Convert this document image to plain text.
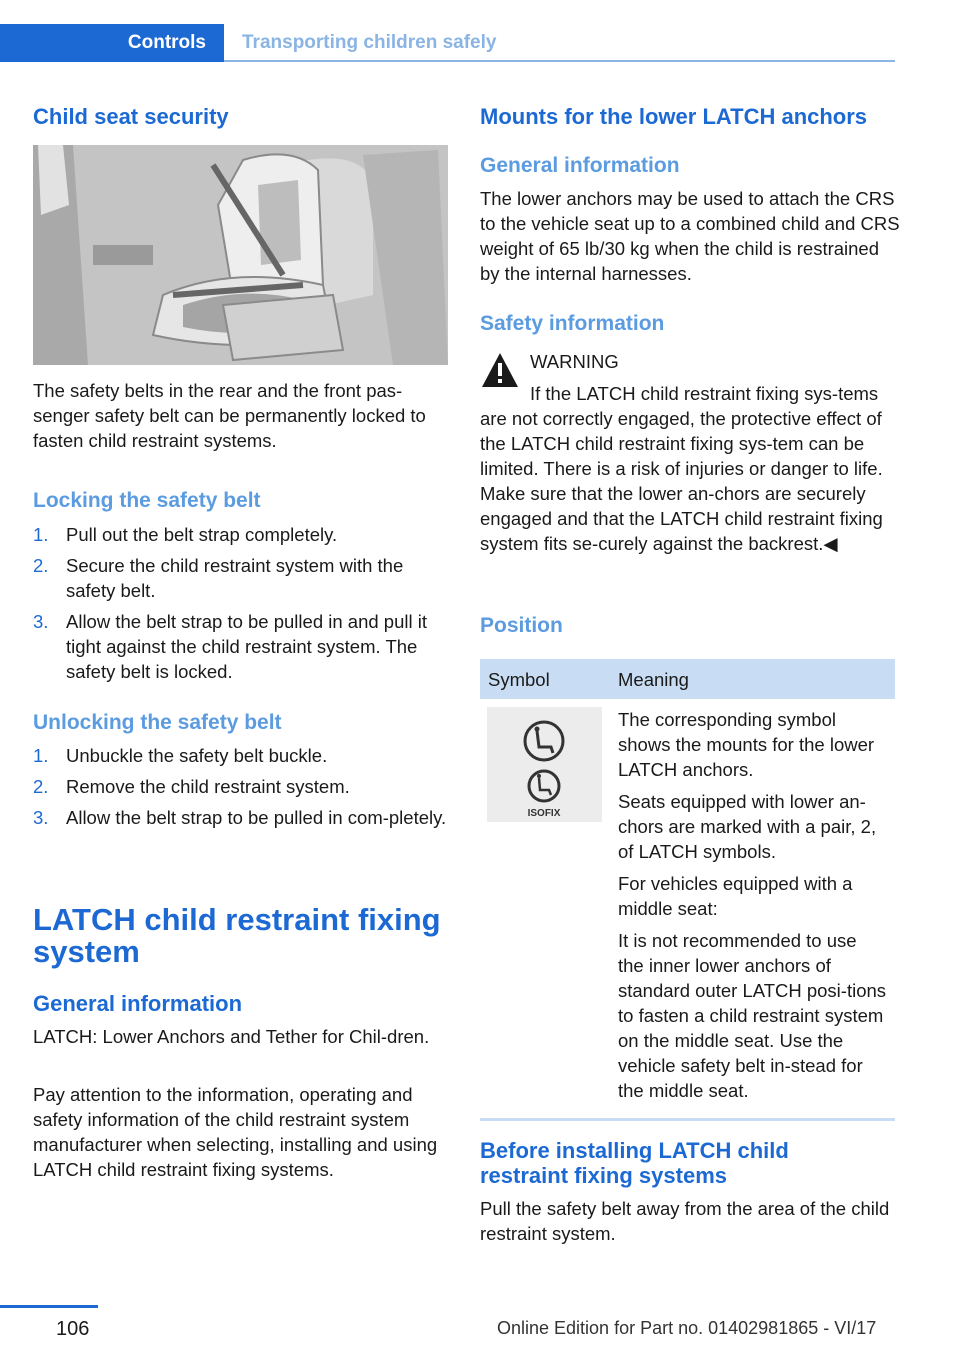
Controls	Transporting children safely
Child seat security

The safety belts in the rear and the front pas-senger safety belt can be permanently locked to fasten child restraint systems.

Locking the safety belt
1. Pull out the belt strap completely.
2. Secure the child restraint system with the safety belt.
3. Allow the belt strap to be pulled in and pull it tight against the child restraint system. The safety belt is locked.
Unlocking the safety belt
1. Unbuckle the safety belt buckle.
2. Remove the child restraint system.
3. Allow the belt strap to be pulled in com-pletely.
LATCH child restraint fixing system
General information

LATCH: Lower Anchors and Tether for Chil-dren.

Pay attention to the information, operating and safety information of the child restraint system manufacturer when selecting, installing and using LATCH child restraint fixing systems.

Mounts for the lower LATCH anchors
General information

The lower anchors may be used to attach the CRS to the vehicle seat up to a combined child and CRS weight of 65 lb/30 kg when the child is restrained by the internal harnesses.

Safety information

WARNING

If the LATCH child restraint fixing sys-tems are not correctly engaged, the protective effect of the LATCH child restraint fixing sys-tem can be limited. There is a risk of injuries or danger to life. Make sure that the lower an-chors are securely engaged and that the LATCH child restraint fixing system fits se-curely against the backrest.◀

Position
Symbol	Meaning

ISOFIX	The corresponding symbol shows the mounts for the lower LATCH anchors.

Seats equipped with lower an-chors are marked with a pair, 2, of LATCH symbols.

For vehicles equipped with a middle seat:

It is not recommended to use the inner lower anchors of standard outer LATCH posi-tions to fasten a child restraint system on the middle seat. Use the vehicle safety belt in-stead for the middle seat.

Before installing LATCH child restraint fixing systems

Pull the safety belt away from the area of the child restraint system.

106	Online Edition for Part no. 01402981865 - VI/17
